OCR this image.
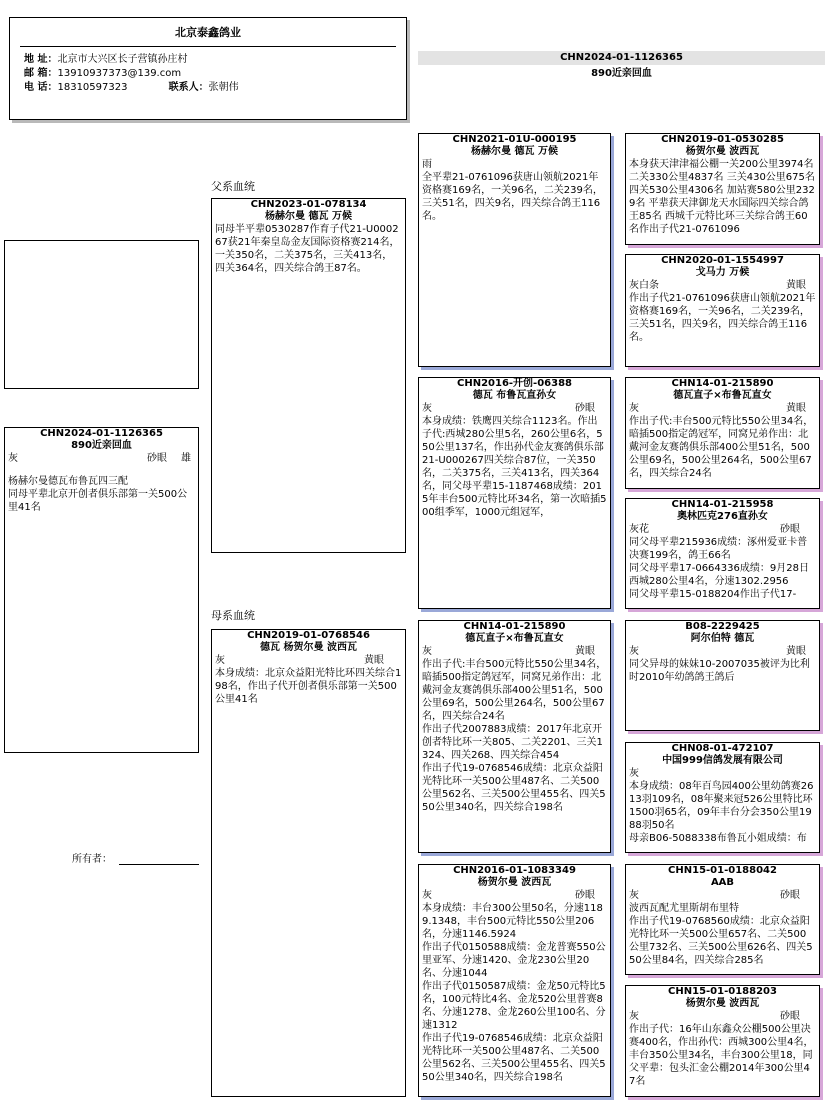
北京泰鑫鸽业
地 址：北京市大兴区长子营镇孙庄村
邮 箱：13910937373@139.com
电 话：18310597323	联系人：张朝伟
CHN2024-01-1126365
890近亲回血
CHN2024-01-1126365
890近亲回血
灰	砂眼 雄
杨赫尔曼德瓦布鲁瓦四三配
同母平辈北京开创者俱乐部第一关500公里41名
父系血统
母系血统
所有者：
CHN2023-01-078134
杨赫尔曼 德瓦 万候
同母半平辈0530287作育子代21-U000267获21年秦皇岛金友国际资格赛214名，一关350名，二关375名，三关413名，四关364名，四关综合鸽王87名。
CHN2019-01-0768546
德瓦 杨贺尔曼 波西瓦
灰	黄眼
本身成绩：北京众益阳光特比环四关综合198名，作出子代开创者俱乐部第一关500公里41名
CHN2021-01U-000195
杨赫尔曼 德瓦 万候
雨
全平辈21-0761096获唐山领航2021年资格赛169名，一关96名，二关239名，三关51名，四关9名，四关综合鸽王116名。
CHN2016-开创-06388
德瓦 布鲁瓦直孙女
灰	砂眼
本身成绩：铁鹰四关综合1123名。作出子代:西城280公里5名，260公里6名，550公里137名，作出孙代金友赛鸽俱乐部21-U000267四关综合87位，一关350名，二关375名，三关413名，四关364名，同父母平辈15-1187468成绩：2015年丰台500元特比环34名，第一次暗插500组季军，1000元组冠军，
CHN14-01-215890
德瓦直子×布鲁瓦直女
灰	黄眼
作出子代:丰台500元特比550公里34名，暗插500指定鸽冠军，同窝兄弟作出：北戴河金友赛鸽俱乐部400公里51名，500公里69名，500公里264名，500公里67名，四关综合24名
作出子代2007883成绩：2017年北京开创者特比环一关805、二关2201、三关1324、四关268、四关综合454
作出子代19-0768546成绩：北京众益阳光特比环一关500公里487名、二关500公里562名、三关500公里455名、四关550公里340名，四关综合198名
CHN2016-01-1083349
杨贺尔曼 波西瓦
灰	砂眼
本身成绩：丰台300公里50名，分速1189.1348，丰台500元特比550公里206名，分速1146.5924
作出子代0150588成绩：金龙普赛550公里亚军、分速1420、金龙230公里20名、分速1044
作出子代0150587成绩：金龙50元特比5名，100元特比4名、金龙520公里普赛8名、分速1278、金龙260公里100名、分速1312
作出子代19-0768546成绩：北京众益阳光特比环一关500公里487名、二关500公里562名、三关500公里455名、四关550公里340名，四关综合198名
CHN2019-01-0530285
杨贺尔曼 波西瓦
本身获天津津福公棚一关200公里3974名 二关330公里4837名 三关430公里675名 四关530公里4306名 加站赛580公里2329名 平辈获天津御龙天水国际四关综合鸽王85名 西城千元特比环三关综合鸽王60名作出子代21-0761096
CHN2020-01-1554997
戈马力 万候
灰白条	黄眼
作出子代21-0761096获唐山领航2021年资格赛169名，一关96名，二关239名，三关51名，四关9名，四关综合鸽王116名。
CHN14-01-215890
德瓦直子×布鲁瓦直女
灰	黄眼
作出子代:丰台500元特比550公里34名，暗插500指定鸽冠军，同窝兄弟作出：北戴河金友赛鸽俱乐部400公里51名，500公里69名，500公里264名，500公里67名，四关综合24名
CHN14-01-215958
奥林匹克276直孙女
灰花	砂眼
同父母平辈215936成绩：涿州爱亚卡普决赛199名，鸽王66名
同父母平辈17-0664336成绩：9月28日西城280公里4名，分速1302.2956
同父母平辈15-0188204作出子代17-
B08-2229425
阿尔伯特 德瓦
灰	黄眼
同父异母的妹妹10-2007035被评为比利时2010年幼鸽鸽王鸽后
CHN08-01-472107
中国999信鸽发展有限公司
灰
本身成绩：08年百鸟园400公里幼鸽赛2613羽109名，08年聚来冠526公里特比环1500羽65名，09年丰台分会350公里1988羽50名
母亲B06-5088338布鲁瓦小姐成绩：布
CHN15-01-0188042
AAB
灰	砂眼
波西瓦配尤里斯胡布里特
作出子代19-0768560成绩：北京众益阳光特比环一关500公里657名、二关500公里732名、三关500公里626名、四关550公里84名，四关综合285名
CHN15-01-0188203
杨贺尔曼 波西瓦
灰	砂眼
作出子代：16年山东鑫众公棚500公里决赛400名，作出孙代：西城300公里4名，丰台350公里34名，丰台300公里18，同父平辈：包头汇金公棚2014年300公里47名
